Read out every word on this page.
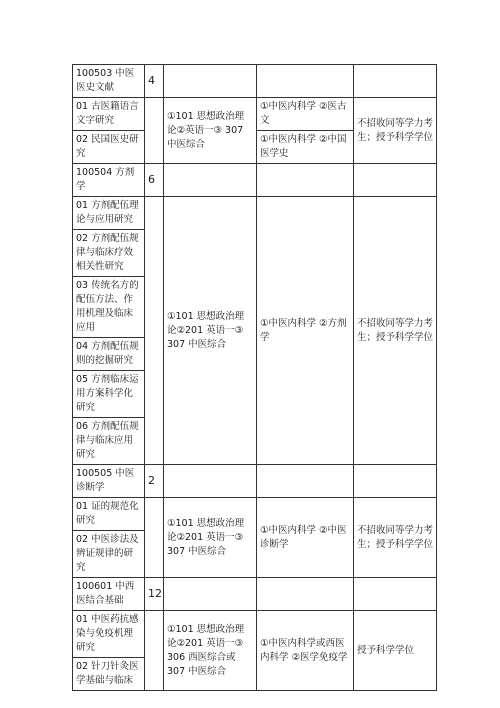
100503 中医医史文献	4			
01 古医籍语言文字研究		①101 思想政治理论②英语一③ 307 中医综合	①中医内科学 ②医古文	不招收同等学力考生；授予科学学位
02 民国医史研究			①中医内科学 ②中国医学史	
100504 方剂学	6			
01 方剂配伍理论与应用研究		①101 思想政治理论②201 英语一③ 307 中医综合	①中医内科学 ②方剂学	不招收同等学力考生；授予科学学位
02 方剂配伍规律与临床疗效相关性研究				
03 传统名方的配伍方法、作用机理及临床应用				
04 方剂配伍规则的挖掘研究				
05 方剂临床运用方案科学化研究				
06 方剂配伍规律与临床应用研究				
100505 中医诊断学	2			
01 证的规范化研究		①101 思想政治理论②201 英语一③ 307 中医综合	①中医内科学 ②中医诊断学	不招收同等学力考生；授予科学学位
02 中医诊法及辨证规律的研究				
100601 中西医结合基础	12			
01 中医药抗感染与免疫机理研究		①101 思想政治理论②201 英语一③ 306 西医综合或 307 中医综合	①中医内科学或西医内科学 ②医学免疫学	授予科学学位
02 针刀针灸医学基础与临床				
